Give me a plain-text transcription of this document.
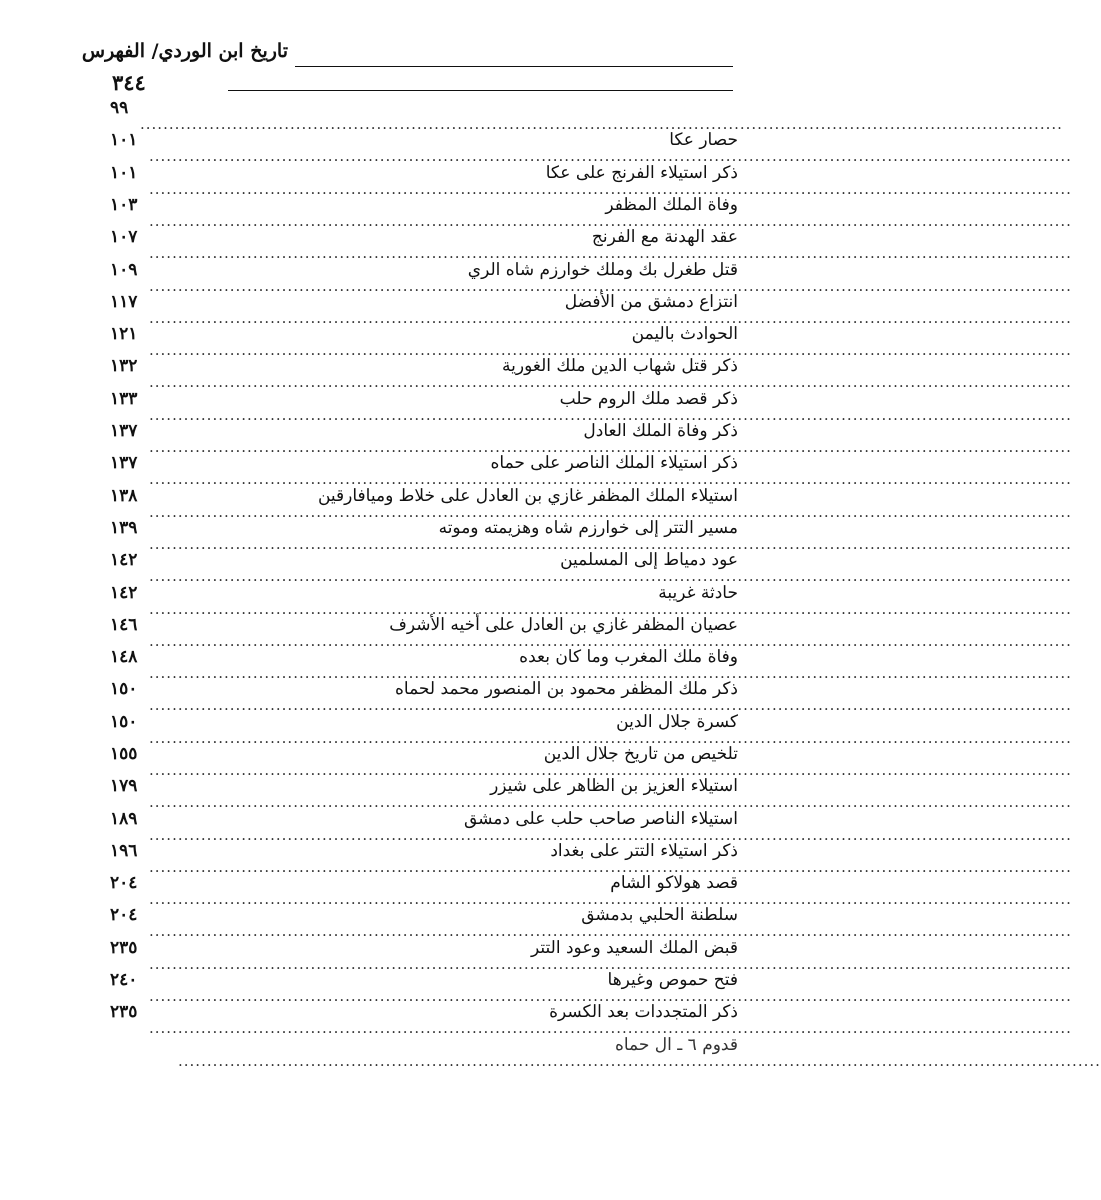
تاريخ ابن الوردي/ الفهرس
٣٤٤
................................................................................................................................................................
٩٩
حصار عكا
................................................................................................................................................................
١٠١
ذكر استيلاء الفرنج على عكا
................................................................................................................................................................
١٠١
وفاة الملك المظفر
................................................................................................................................................................
١٠٣
عقد الهدنة مع الفرنج
................................................................................................................................................................
١٠٧
قتل طغرل بك وملك خوارزم شاه الري
................................................................................................................................................................
١٠٩
انتزاع دمشق من الأفضل
................................................................................................................................................................
١١٧
الحوادث باليمن
................................................................................................................................................................
١٢١
ذكر قتل شهاب الدين ملك الغورية
................................................................................................................................................................
١٣٢
ذكر قصد ملك الروم حلب
................................................................................................................................................................
١٣٣
ذكر وفاة الملك العادل
................................................................................................................................................................
١٣٧
ذكر استيلاء الملك الناصر على حماه
................................................................................................................................................................
١٣٧
استيلاء الملك المظفر غازي بن العادل على خلاط وميافارقين
................................................................................................................................................................
١٣٨
مسير التتر إلى خوارزم شاه وهزيمته وموته
................................................................................................................................................................
١٣٩
عود دمياط إلى المسلمين
................................................................................................................................................................
١٤٢
حادثة غريبة
................................................................................................................................................................
١٤٢
عصيان المظفر غازي بن العادل على أخيه الأشرف
................................................................................................................................................................
١٤٦
وفاة ملك المغرب وما كان بعده
................................................................................................................................................................
١٤٨
ذكر ملك المظفر محمود بن المنصور محمد لحماه
................................................................................................................................................................
١٥٠
كسرة جلال الدين
................................................................................................................................................................
١٥٠
تلخيص من تاريخ جلال الدين
................................................................................................................................................................
١٥٥
استيلاء العزيز بن الظاهر على شيزر
................................................................................................................................................................
١٧٩
استيلاء الناصر صاحب حلب على دمشق
................................................................................................................................................................
١٨٩
ذكر استيلاء التتر على بغداد
................................................................................................................................................................
١٩٦
قصد هولاكو الشام
................................................................................................................................................................
٢٠٤
سلطنة الحلبي بدمشق
................................................................................................................................................................
٢٠٤
قبض الملك السعيد وعود التتر
................................................................................................................................................................
٢٣٥
فتح حموص وغيرها
................................................................................................................................................................
٢٤٠
ذكر المتجددات بعد الكسرة
................................................................................................................................................................
٢٣٥
قدوم ٦ ـ ال حماه
................................................................................................................................................................
